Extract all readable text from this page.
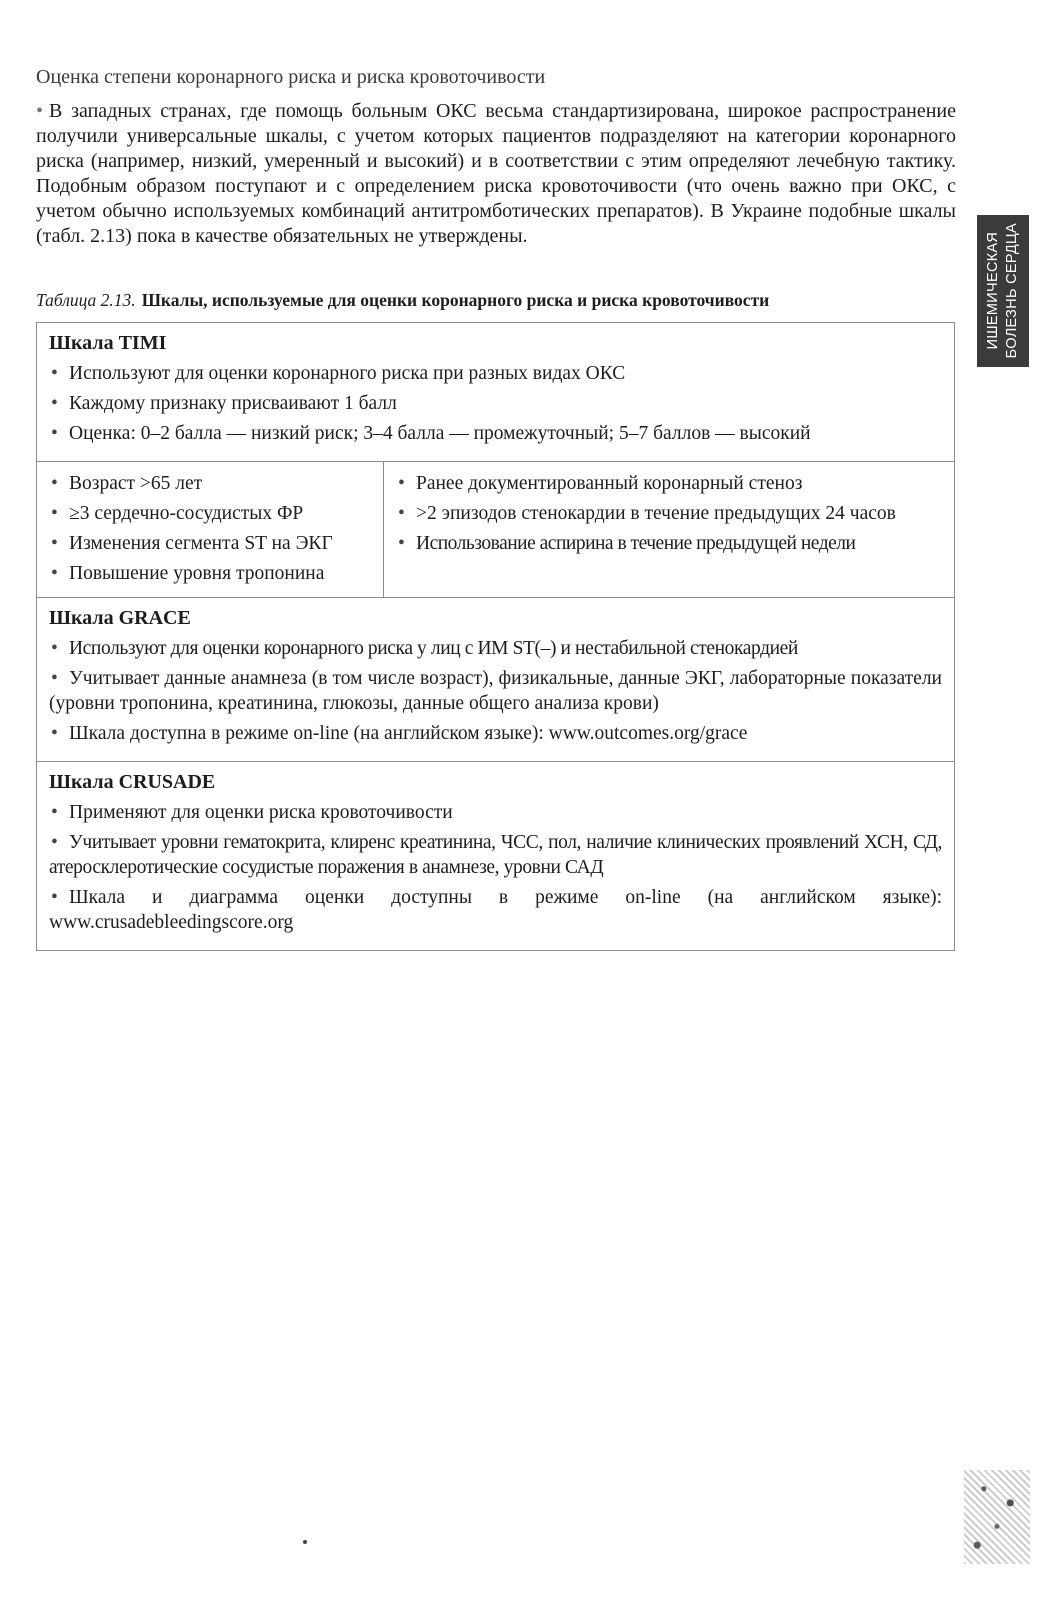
Оценка степени коронарного риска и риска кровоточивости

• В западных странах, где помощь больным ОКС весьма стандартизирована, широкое распространение получили универсальные шкалы, с учетом которых пациентов подразделяют на категории коронарного риска (например, низкий, умеренный и высокий) и в соответствии с этим определяют лечебную тактику. Подобным образом поступают и с определением риска кровоточивости (что очень важно при ОКС, с учетом обычно используемых комбинаций антитромботических препаратов). В Украине подобные шкалы (табл. 2.13) пока в качестве обязательных не утверждены.

Таблица 2.13. Шкалы, используемые для оценки коронарного риска и риска кровоточивости

Шкала TIMI

• Используют для оценки коронарного риска при разных видах ОКС
• Каждому признаку присваивают 1 балл
• Оценка: 0–2 балла — низкий риск; 3–4 балла — промежуточный; 5–7 баллов — высокий
• Возраст >65 лет
• ≥3 сердечно-сосудистых ФР
• Изменения сегмента ST на ЭКГ
• Повышение уровня тропонина
• Ранее документированный коронарный стеноз
• >2 эпизодов стенокардии в течение предыдущих 24 часов
• Использование аспирина в течение предыдущей недели

Шкала GRACE

• Используют для оценки коронарного риска у лиц с ИМ ST(–) и нестабильной стенокардией
• Учитывает данные анамнеза (в том числе возраст), физикальные, данные ЭКГ, лабораторные показатели (уровни тропонина, креатинина, глюкозы, данные общего анализа крови)
• Шкала доступна в режиме on-line (на английском языке): www.outcomes.org/grace

Шкала CRUSADE

• Применяют для оценки риска кровоточивости
• Учитывает уровни гематокрита, клиренс креатинина, ЧСС, пол, наличие клинических проявлений ХСН, СД, атеросклеротические сосудистые поражения в анамнезе, уровни САД
• Шкала и диаграмма оценки доступны в режиме on-line (на английском языке): www.crusadebleedingscore.org
ИШЕМИЧЕСКАЯ БОЛЕЗНЬ СЕРДЦА
